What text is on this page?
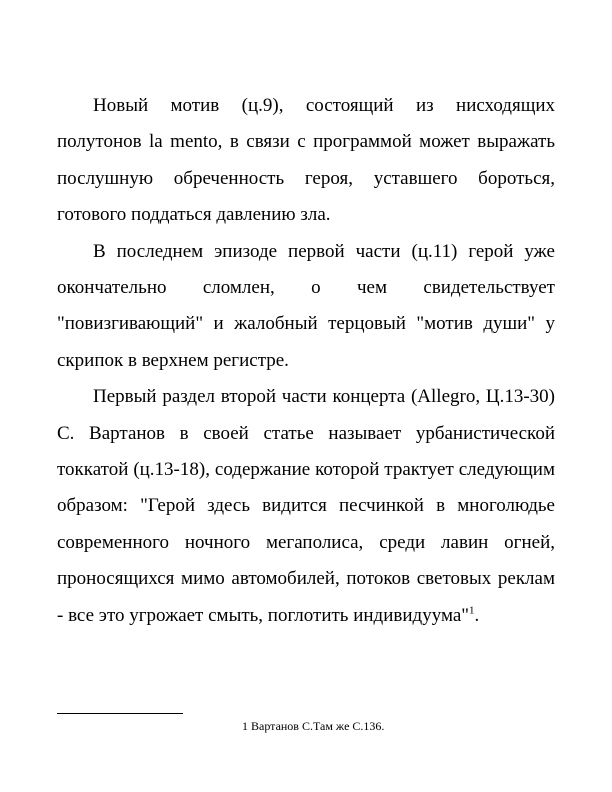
Новый мотив (ц.9), состоящий из нисходящих полутонов la mento, в связи с программой может выражать послушную обреченность героя, уставшего бороться, готового поддаться давлению зла.

В последнем эпизоде первой части (ц.11) герой уже окончательно сломлен, о чем свидетельствует "повизгивающий" и жалобный терцовый "мотив души" у скрипок в верхнем регистре.

Первый раздел второй части концерта (Allegro, Ц.13-30) С. Вартанов в своей статье называет урбанистической токкатой (ц.13-18), содержание которой трактует следующим образом: "Герой здесь видится песчинкой в многолюдье современного ночного мегаполиса, среди лавин огней, проносящихся мимо автомобилей, потоков световых реклам - все это угрожает смыть, поглотить индивидуума"$^1$.

1 Вартанов С.Там же С.136.
